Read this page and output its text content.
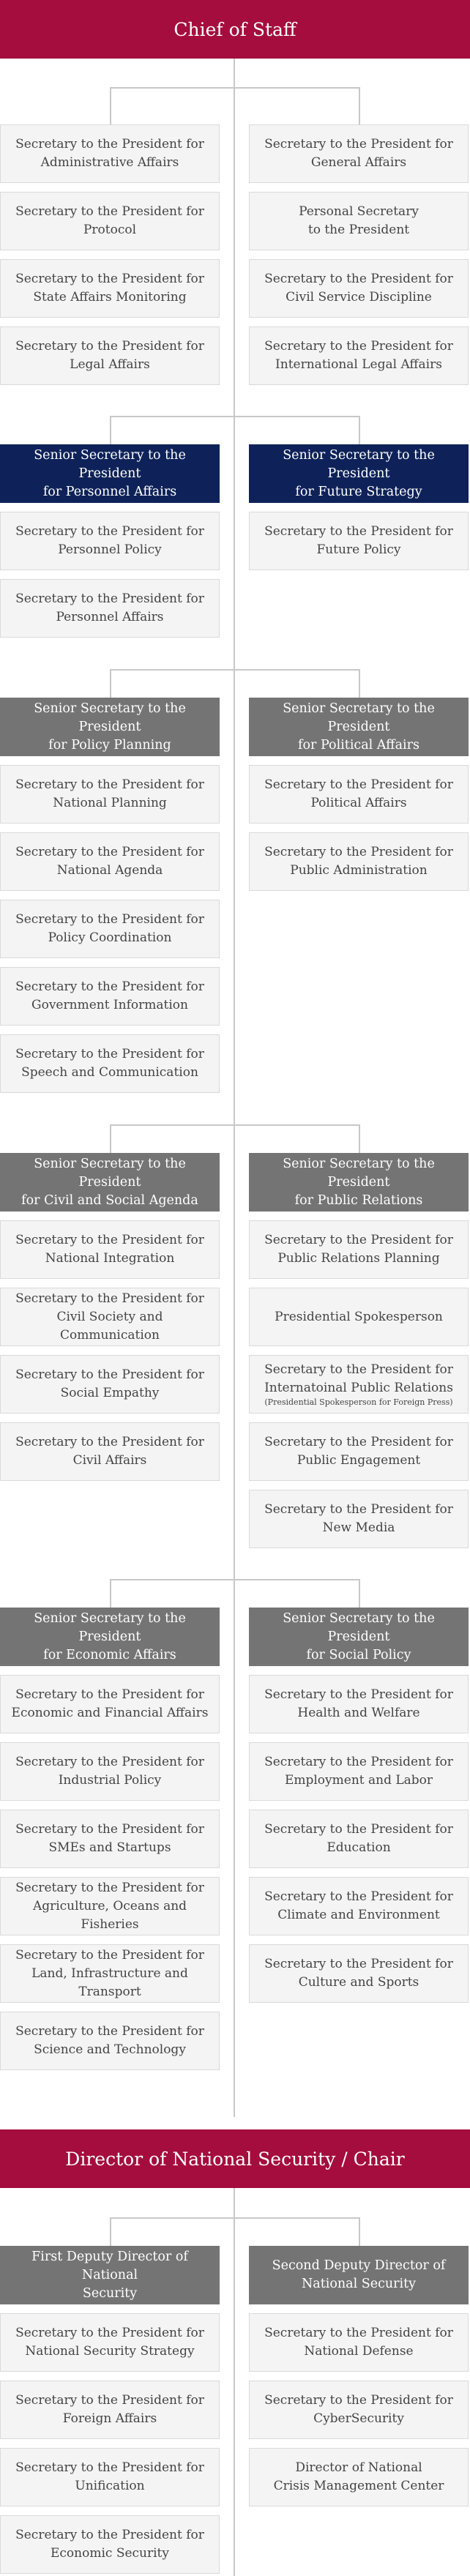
Chief of Staff
Secretary to the President for
Administrative Affairs
Secretary to the President for
Protocol
Secretary to the President for
State Affairs Monitoring
Secretary to the President for
Legal Affairs
Secretary to the President for
General Affairs
Personal Secretary
to the President
Secretary to the President for
Civil Service Discipline
Secretary to the President for
International Legal Affairs
Senior Secretary to the President
for Personnel Affairs
Secretary to the President for
Personnel Policy
Secretary to the President for
Personnel Affairs
Senior Secretary to the President
for Future Strategy
Secretary to the President for
Future Policy
Senior Secretary to the President
for Policy Planning
Secretary to the President for
National Planning
Secretary to the President for
National Agenda
Secretary to the President for
Policy Coordination
Secretary to the President for
Government Information
Secretary to the President for
Speech and Communication
Senior Secretary to the President
for Political Affairs
Secretary to the President for
Political Affairs
Secretary to the President for
Public Administration
Senior Secretary to the President
for Civil and Social Agenda
Secretary to the President for
National Integration
Secretary to the President for
Civil Society and Communication
Secretary to the President for
Social Empathy
Secretary to the President for
Civil Affairs
Senior Secretary to the President
for Public Relations
Secretary to the President for
Public Relations Planning
Presidential Spokesperson
Secretary to the President for
Internatoinal Public Relations
(Presidential Spokesperson for Foreign Press)
Secretary to the President for
Public Engagement
Secretary to the President for
New Media
Senior Secretary to the President
for Economic Affairs
Secretary to the President for
Economic and Financial Affairs
Secretary to the President for
Industrial Policy
Secretary to the President for
SMEs and Startups
Secretary to the President for
Agriculture, Oceans and Fisheries
Secretary to the President for
Land, Infrastructure and Transport
Secretary to the President for
Science and Technology
Senior Secretary to the President
for Social Policy
Secretary to the President for
Health and Welfare
Secretary to the President for
Employment and Labor
Secretary to the President for
Education
Secretary to the President for
Climate and Environment
Secretary to the President for
Culture and Sports
Director of National Security / Chair
First Deputy Director of National
Security
Secretary to the President for
National Security Strategy
Secretary to the President for
Foreign Affairs
Secretary to the President for
Unification
Secretary to the President for
Economic Security
Second Deputy Director of
National Security
Secretary to the President for
National Defense
Secretary to the President for
CyberSecurity
Director of National
Crisis Management Center
